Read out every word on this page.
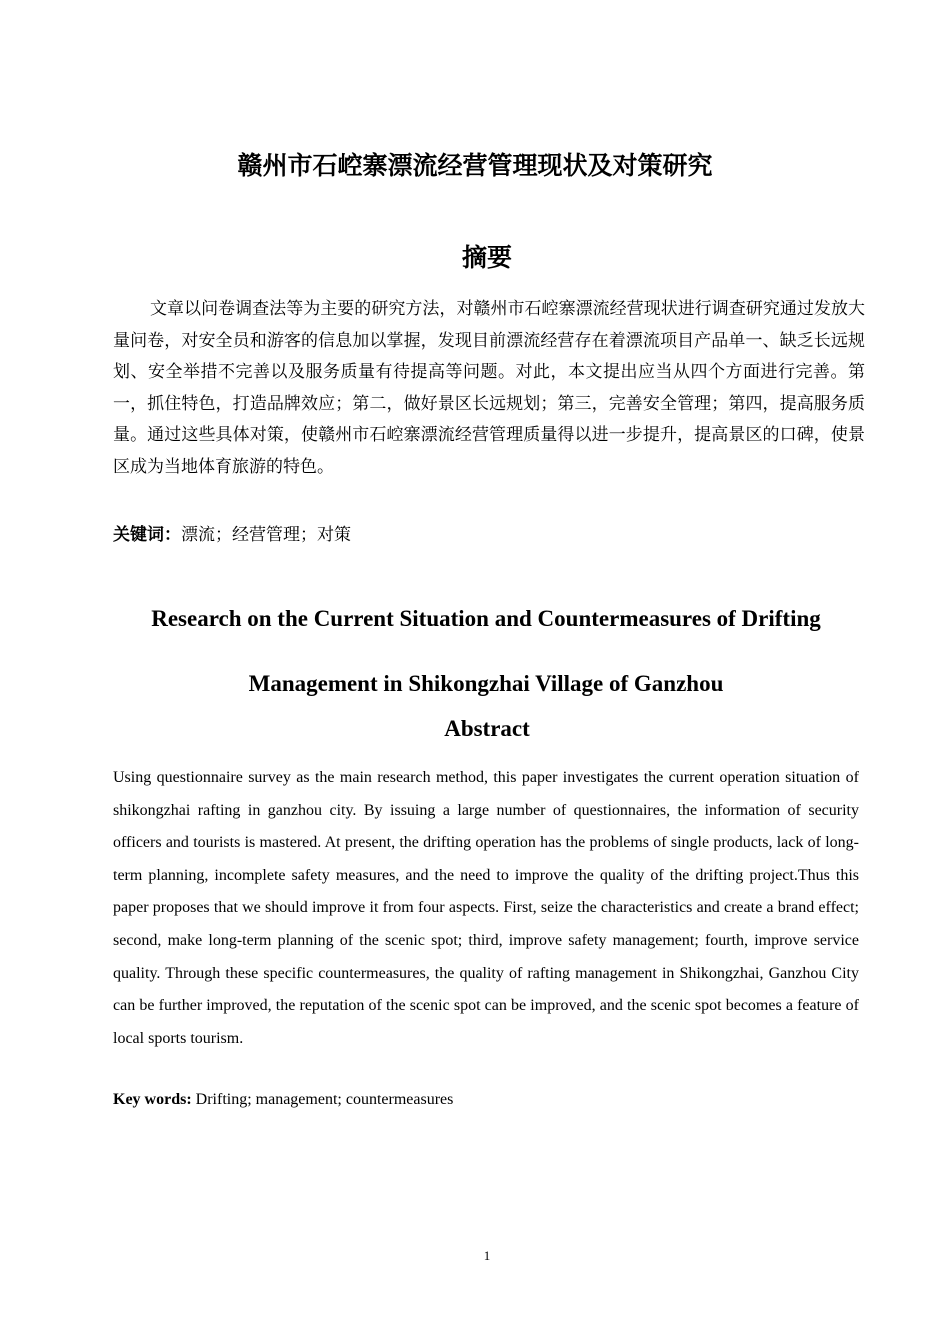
赣州市石崆寨漂流经营管理现状及对策研究
摘要

文章以问卷调查法等为主要的研究方法，对赣州市石崆寨漂流经营现状进行调查研究通过发放大量问卷，对安全员和游客的信息加以掌握，发现目前漂流经营存在着漂流项目产品单一、缺乏长远规划、安全举措不完善以及服务质量有待提高等问题。对此，本文提出应当从四个方面进行完善。第一，抓住特色，打造品牌效应；第二，做好景区长远规划；第三，完善安全管理；第四，提高服务质量。通过这些具体对策，使赣州市石崆寨漂流经营管理质量得以进一步提升，提高景区的口碑，使景区成为当地体育旅游的特色。

关键词：漂流；经营管理；对策

Research on the Current Situation and Countermeasures of Drifting
Management in Shikongzhai Village of Ganzhou
Abstract

Using questionnaire survey as the main research method, this paper investigates the current operation situation of shikongzhai rafting in ganzhou city. By issuing a large number of questionnaires, the information of security officers and tourists is mastered. At present, the drifting operation has the problems of single products, lack of long-term planning, incomplete safety measures, and the need to improve the quality of the drifting project.Thus this paper proposes that we should improve it from four aspects. First, seize the characteristics and create a brand effect; second, make long-term planning of the scenic spot; third, improve safety management; fourth, improve service quality. Through these specific countermeasures, the quality of rafting management in Shikongzhai, Ganzhou City can be further improved, the reputation of the scenic spot can be improved, and the scenic spot becomes a feature of local sports tourism.

Key words: Drifting; management; countermeasures

1
